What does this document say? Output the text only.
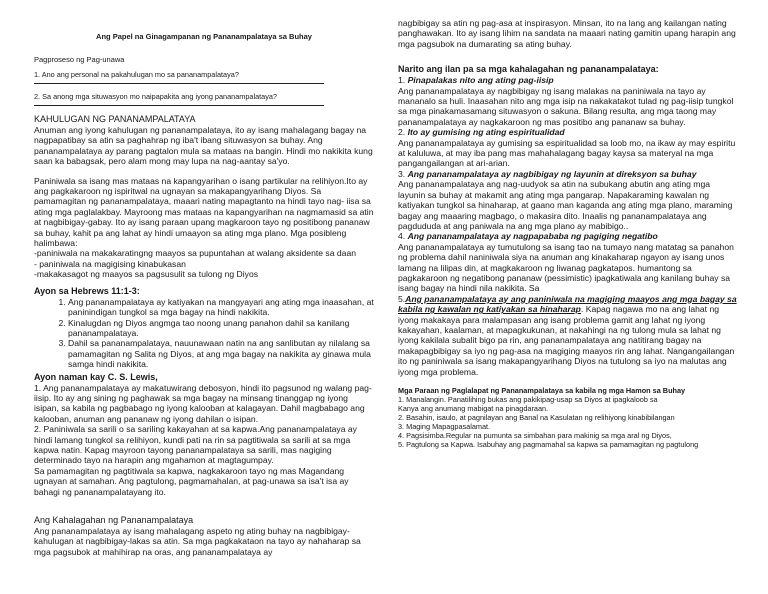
Ang Papel na Ginagampanan ng Pananampalataya sa Buhay
Pagproseso ng Pag-unawa
1. Ano ang personal na pakahulugan mo sa pananampalataya?
2. Sa anong mga situwasyon mo naipapakita ang iyong pananampalataya?
KAHULUGAN NG PANANAMPALATAYA

Anuman ang iyong kahulugan ng pananampalataya, ito ay isang mahalagang bagay na nagpapatibay sa atin sa paghahrap ng iba't ibang situwasyon sa buhay. Ang pananampalataya ay parang pagtalon mula sa mataas na bangin. Hindi mo nakikita kung saan ka babagsak, pero alam mong may lupa na nag-aantay sa'yo.

Paniniwala sa isang mas mataas na kapangyarihan o isang partikular na relihiyon.Ito ay ang pagkakaroon ng ispiritwal na ugnayan sa makapangyarihang Diyos. Sa pamamagitan ng pananampalataya, maaari nating mapagtanto na hindi tayo nag- iisa sa ating mga paglalakbay. Mayroong mas mataas na kapangyarihan na nagmamasid sa atin at nagbibigay-gabay. Ito ay isang paraan upang magkaroon tayo ng positibong pananaw sa buhay, kahit pa ang lahat ay hindi umaayon sa ating mga plano. Mga posibleng halimbawa:

-paniniwala na makakaratingng maayos sa pupuntahan at walang aksidente sa daan
- paniniwala na magigising kinabukasan
-makakasagot ng maayos sa pagsusulit sa tulong ng Diyos
Ayon sa Hebrews 11:1-3:
1. Ang pananampalataya ay katiyakan na mangyayari ang ating mga inaasahan, at paninindigan tungkol sa mga bagay na hindi nakikita.
2. Kinalugdan ng Diyos angmga tao noong unang panahon dahil sa kanilang pananampalataya.
3. Dahil sa pananampalataya, nauunawaan natin na ang sanlibutan ay nilalang sa pamamagitan ng Salita ng Diyos, at ang mga bagay na nakikita ay ginawa mula samga hindi nakikita.
Ayon naman kay C. S. Lewis,

1. Ang pananampalataya ay makatuwirang debosyon, hindi ito pagsunod ng walang pag-iisip. Ito ay ang sining ng paghawak sa mga bagay na minsang tinanggap ng iyong isipan, sa kabila ng pagbabago ng iyong kalooban at kalagayan. Dahil magbabago ang kalooban, anuman ang pananaw ng iyong dahilan o isipan.

2. Paniniwala sa sarili o sa sariling kakayahan at sa kapwa.Ang pananampalataya ay hindi lamang tungkol sa relihiyon, kundi pati na rin sa pagtitiwala sa sarili at sa mga kapwa natin. Kapag mayroon tayong pananampalataya sa sarili, mas nagiging determinado tayo na harapin ang mgahamon at magtagumpay.

Sa pamamagitan ng pagtitiwala sa kapwa, nagkakaroon tayo ng mas Magandang ugnayan at samahan. Ang pagtulong, pagmamahalan, at pag-unawa sa isa't isa ay bahagi ng pananampalatayang ito.

Ang Kahalagahan ng Pananampalataya

Ang pananampalataya ay isang mahalagang aspeto ng ating buhay na nagbibigay-kahulugan at nagbibigay-lakas sa atin. Sa mga pagkakataon na tayo ay nahaharap sa mga pagsubok at mahihirap na oras, ang pananampalataya ay

nagbibigay sa atin ng pag-asa at inspirasyon. Minsan, ito na lang ang kailangan nating panghawakan. Ito ay isang lihim na sandata na maaari nating gamitin upang harapin ang mga pagsubok na dumarating sa ating buhay.

Narito ang ilan pa sa mga kahalagahan ng pananampalataya:
1. Pinapalakas nito ang ating pag-iisip

Ang pananampalataya ay nagbibigay ng isang malakas na paniniwala na tayo ay mananalo sa huli. Inaasahan nito ang mga isip na nakakatakot tulad ng pag-iisip tungkol sa mga pinakamasamang situwasyon o sakuna. Bilang resulta, ang mga taong may pananampalataya ay nagkakaroon ng mas positibo ang pananaw sa buhay.

2. Ito ay gumising ng ating espiritualidad

Ang pananampalataya ay gumising sa espiritualidad sa loob mo, na ikaw ay may espiritu at kaluluwa, at may iba pang mas mahahalagang bagay kaysa sa materyal na mga pangangailangan at ari-arian.

3. Ang pananampalataya ay nagbibigay ng layunin at direksyon sa buhay

Ang pananampalataya ang nag-uudyok sa atin na subukang abutin ang ating mga layunin sa buhay at makamit ang ating mga pangarap. Napakaraming kawalan ng katiyakan tungkol sa hinaharap, at gaano man kaganda ang ating mga plano, maraming bagay ang maaaring magbago, o makasira dito. Inaalis ng pananampalataya ang pagdududa at ang paniwala na ang mga plano ay mabibigo..

4. Ang pananampalataya ay nagpapababa ng pagiging negatibo

Ang pananampalataya ay tumutulong sa isang tao na tumayo nang matatag sa panahon ng problema dahil naniniwala siya na anuman ang kinakaharap ngayon ay isang unos lamang na lilipas din, at magkakaroon ng liwanag pagkatapos. humantong sa pagkakaroon ng negatibong pananaw (pessimistic) ipagkatiwala ang kanilang buhay sa isang bagay na hindi nila nakikita. Sa

5.Ang pananampalataya ay ang paniniwala na magiging maayos ang mga bagay sa kabila ng kawalan ng katiyakan sa hinaharap. Kapag nagawa mo na ang lahat ng iyong makakaya para malampasan ang isang problema gamit ang lahat ng iyong kakayahan, kaalaman, at mapagkukunan, at nakahingi na ng tulong mula sa lahat ng iyong kakilala subalit bigo pa rin, ang pananampalataya ang natitirang bagay na makapagbibigay sa iyo ng pag-asa na magiging maayos rin ang lahat. Nangangailangan ito ng paniniwala sa isang makapangyarihang Diyos na tutulong sa iyo na malutas ang iyong mga problema.

Mga Paraan ng Paglalapat ng Pananampalataya sa kabila ng mga Hamon sa Buhay
1. Manalangin. Panatilihing bukas ang pakikipag-usap sa Diyos at ipagkaloob sa
Kanya ang anumang mabigat na pinagdaraan.
2. Basahin, isaulo, at pagnilayan ang Banal na Kasulatan ng relihiyong kinabibilangan
3. Maging Mapagpasalamat.
4. Pagsisimba.Regular na pumunta sa simbahan para makinig sa mga aral ng Diyos,
5. Pagtulong sa Kapwa. Isabuhay ang pagmamahal sa kapwa sa pamamagitan ng pagtulong
